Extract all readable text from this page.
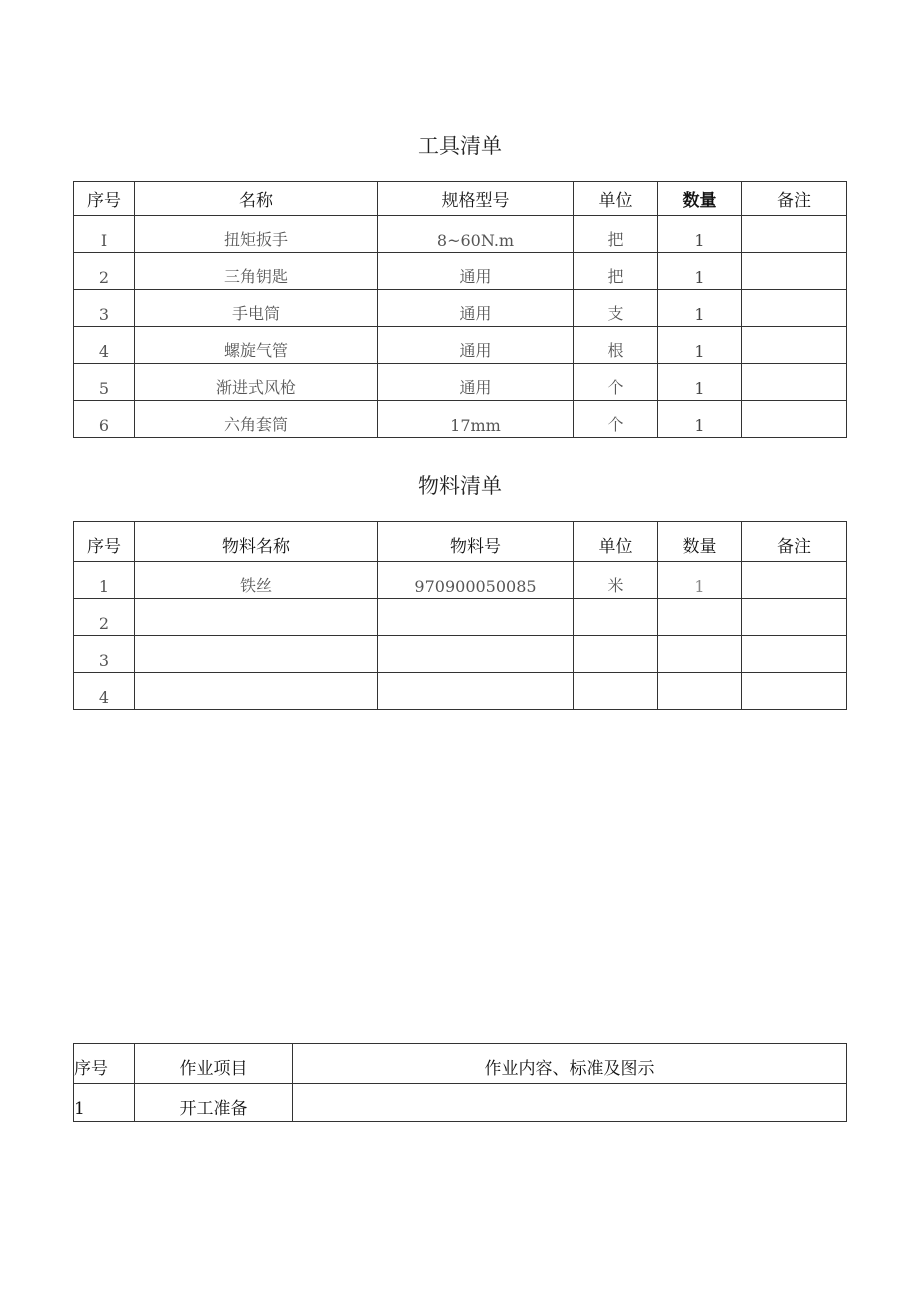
工具清单
序号	名称	规格型号	单位	数量	备注
I	扭矩扳手	8~60N.m	把	1	
2	三角钥匙	通用	把	1	
3	手电筒	通用	支	1	
4	螺旋气管	通用	根	1	
5	渐进式风枪	通用	个	1	
6	六角套筒	17mm	个	1	
物料清单
序号	物料名称	物料号	单位	数量	备注
1	铁丝	970900050085	米	1	
2					
3					
4					
序号	作业项目	作业内容、标准及图示
1	开工准备	
